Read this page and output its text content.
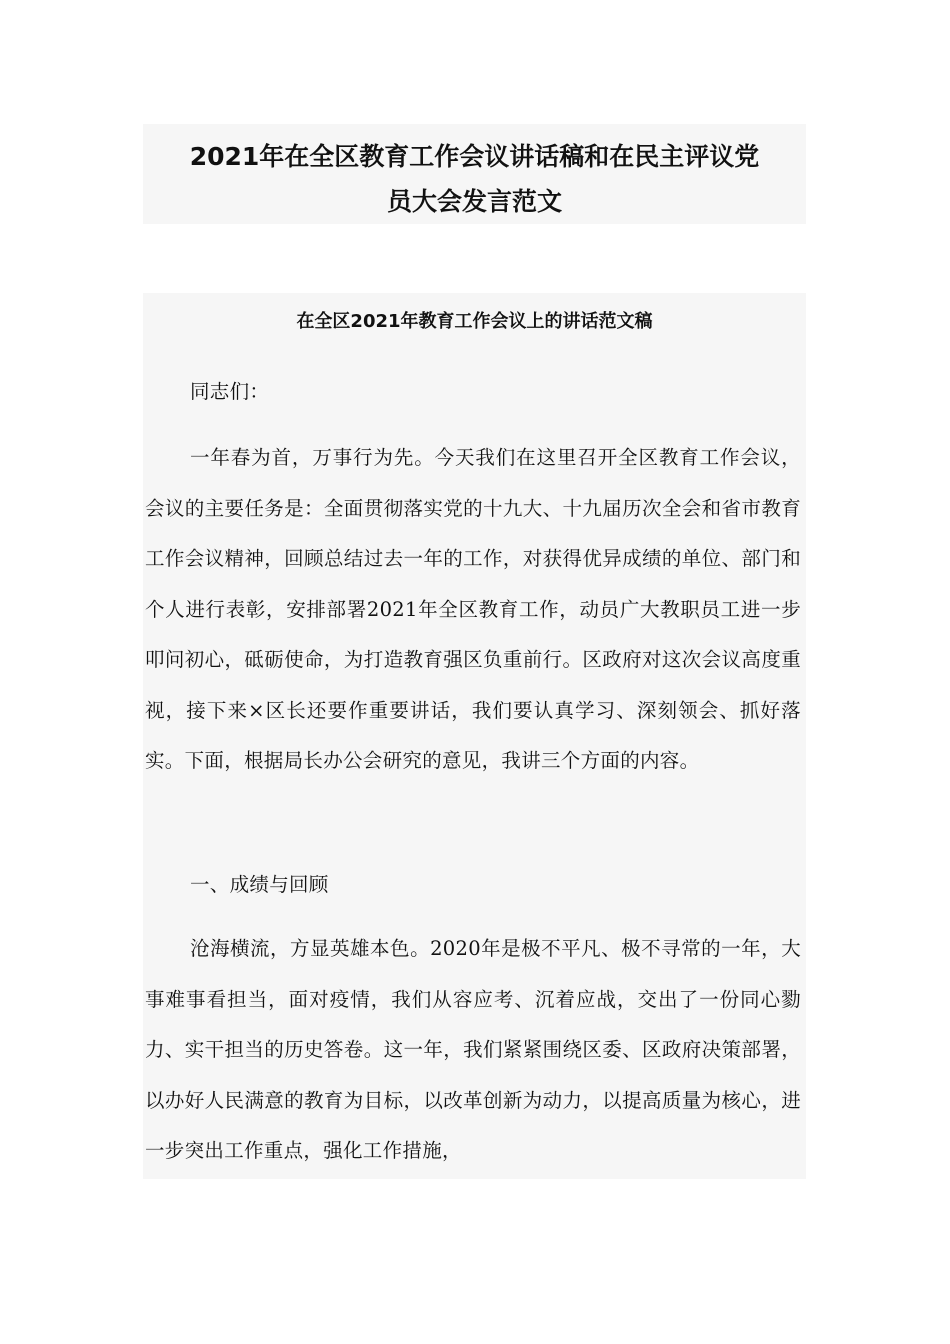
2021年在全区教育工作会议讲话稿和在民主评议党
员大会发言范文
在全区2021年教育工作会议上的讲话范文稿

同志们：

一年春为首，万事行为先。今天我们在这里召开全区教育工作会议，会议的主要任务是：全面贯彻落实党的十九大、十九届历次全会和省市教育工作会议精神，回顾总结过去一年的工作，对获得优异成绩的单位、部门和个人进行表彰，安排部署2021年全区教育工作，动员广大教职员工进一步叩问初心，砥砺使命，为打造教育强区负重前行。区政府对这次会议高度重视，接下来×区长还要作重要讲话，我们要认真学习、深刻领会、抓好落实。下面，根据局长办公会研究的意见，我讲三个方面的内容。

一、成绩与回顾

沧海横流，方显英雄本色。2020年是极不平凡、极不寻常的一年，大事难事看担当，面对疫情，我们从容应考、沉着应战，交出了一份同心勠力、实干担当的历史答卷。这一年，我们紧紧围绕区委、区政府决策部署，以办好人民满意的教育为目标，以改革创新为动力，以提高质量为核心，进一步突出工作重点，强化工作措施，
